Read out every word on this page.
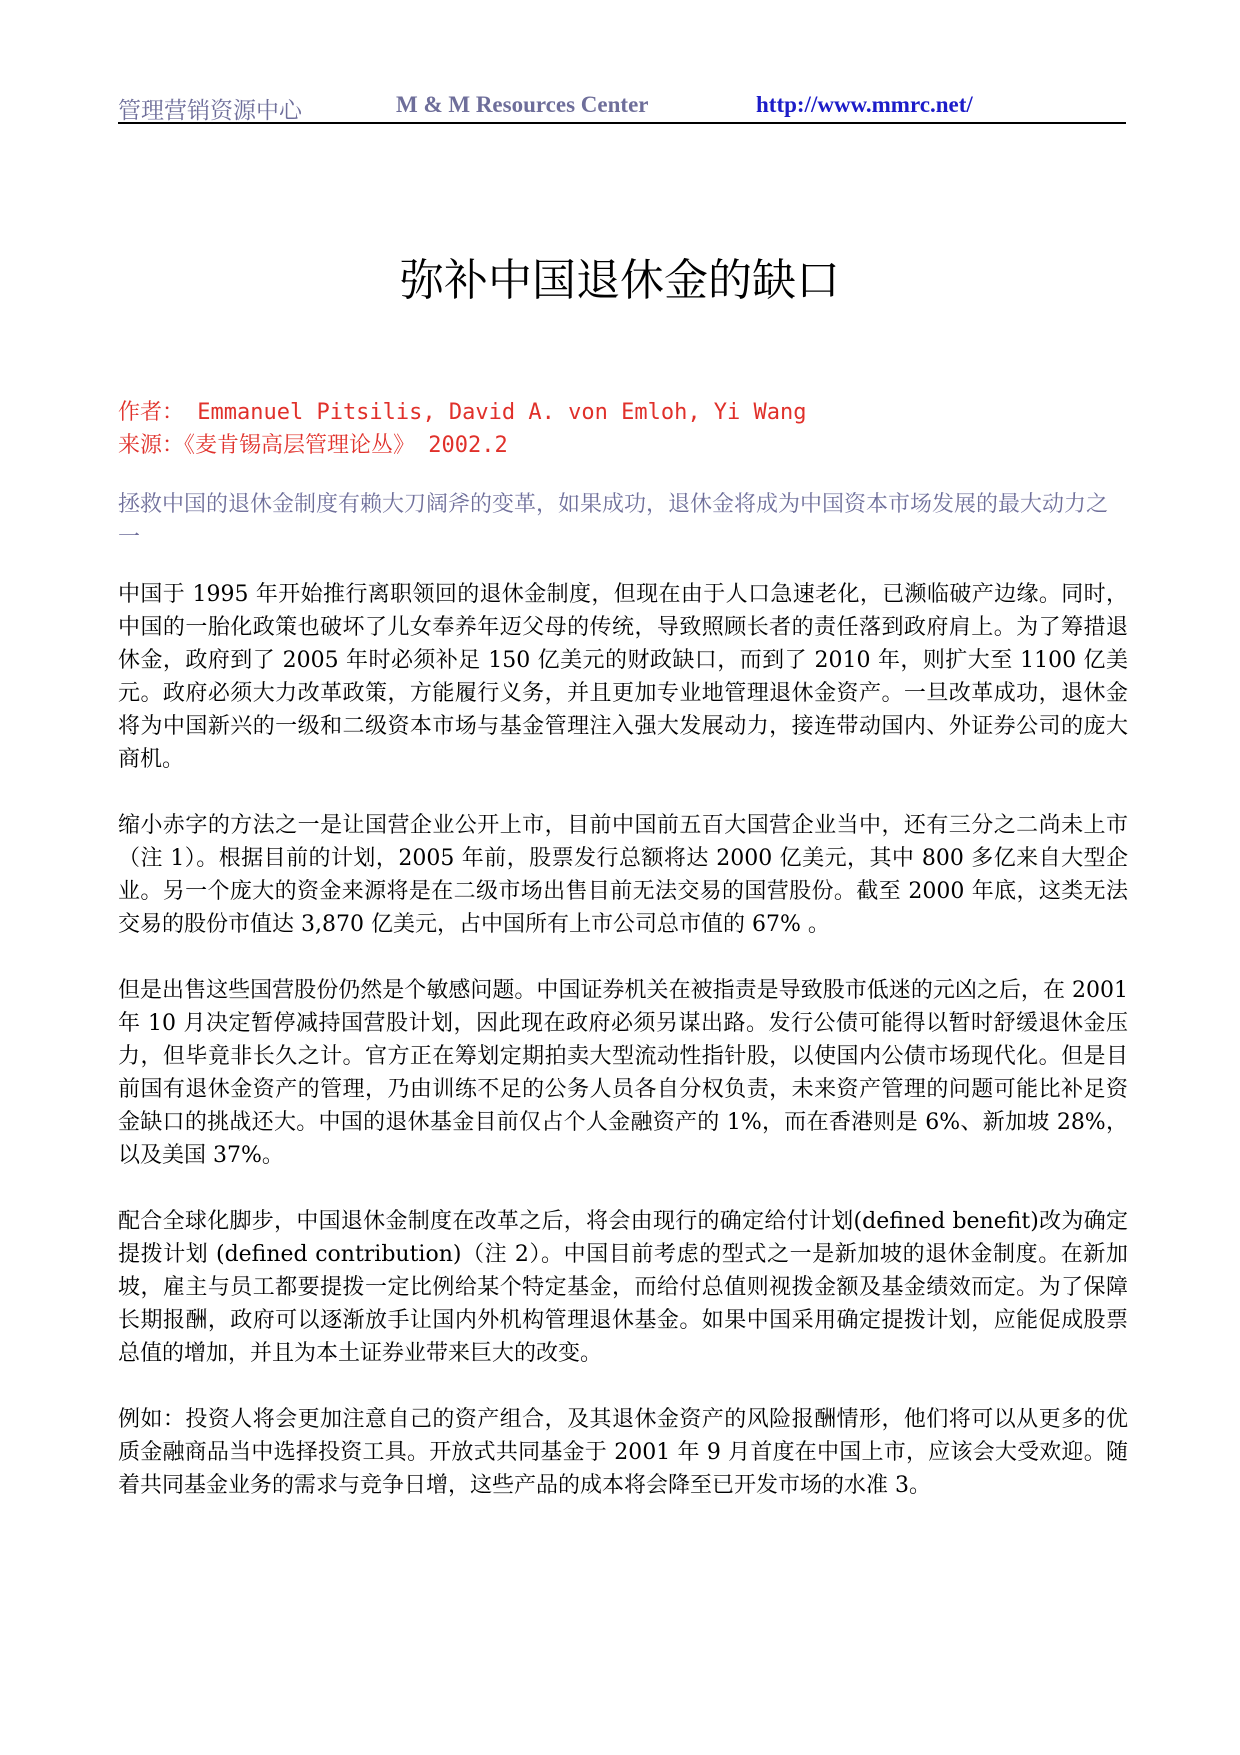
管理营销资源中心	M & M Resources Center	http://www.mmrc.net/
弥补中国退休金的缺口
作者： Emmanuel Pitsilis, David A. von Emloh, Yi Wang
来源：《麦肯锡高层管理论丛》 2002.2
拯救中国的退休金制度有赖大刀阔斧的变革，如果成功，退休金将成为中国资本市场发展的最大动力之一

中国于 1995 年开始推行离职领回的退休金制度，但现在由于人口急速老化，已濒临破产边缘。同时，中国的一胎化政策也破坏了儿女奉养年迈父母的传统，导致照顾长者的责任落到政府肩上。为了筹措退休金，政府到了 2005 年时必须补足 150 亿美元的财政缺口，而到了 2010 年，则扩大至 1100 亿美元。政府必须大力改革政策，方能履行义务，并且更加专业地管理退休金资产。一旦改革成功，退休金将为中国新兴的一级和二级资本市场与基金管理注入强大发展动力，接连带动国内、外证券公司的庞大商机。

缩小赤字的方法之一是让国营企业公开上市，目前中国前五百大国营企业当中，还有三分之二尚未上市（注 1）。根据目前的计划，2005 年前，股票发行总额将达 2000 亿美元，其中 800 多亿来自大型企业。另一个庞大的资金来源将是在二级市场出售目前无法交易的国营股份。截至 2000 年底，这类无法交易的股份市值达 3,870 亿美元，占中国所有上市公司总市值的 67% 。

但是出售这些国营股份仍然是个敏感问题。中国证券机关在被指责是导致股市低迷的元凶之后，在 2001 年 10 月决定暂停减持国营股计划，因此现在政府必须另谋出路。发行公债可能得以暂时舒缓退休金压力，但毕竟非长久之计。官方正在筹划定期拍卖大型流动性指针股，以使国内公债市场现代化。但是目前国有退休金资产的管理，乃由训练不足的公务人员各自分权负责，未来资产管理的问题可能比补足资金缺口的挑战还大。中国的退休基金目前仅占个人金融资产的 1%，而在香港则是 6%、新加坡 28%，以及美国 37%。

配合全球化脚步，中国退休金制度在改革之后，将会由现行的确定给付计划(defined benefit)改为确定提拨计划 (defined contribution)（注 2）。中国目前考虑的型式之一是新加坡的退休金制度。在新加坡，雇主与员工都要提拨一定比例给某个特定基金，而给付总值则视拨金额及基金绩效而定。为了保障长期报酬，政府可以逐渐放手让国内外机构管理退休基金。如果中国采用确定提拨计划，应能促成股票总值的增加，并且为本土证券业带来巨大的改变。

例如：投资人将会更加注意自己的资产组合，及其退休金资产的风险报酬情形，他们将可以从更多的优质金融商品当中选择投资工具。开放式共同基金于 2001 年 9 月首度在中国上市，应该会大受欢迎。随着共同基金业务的需求与竞争日增，这些产品的成本将会降至已开发市场的水准 3。
